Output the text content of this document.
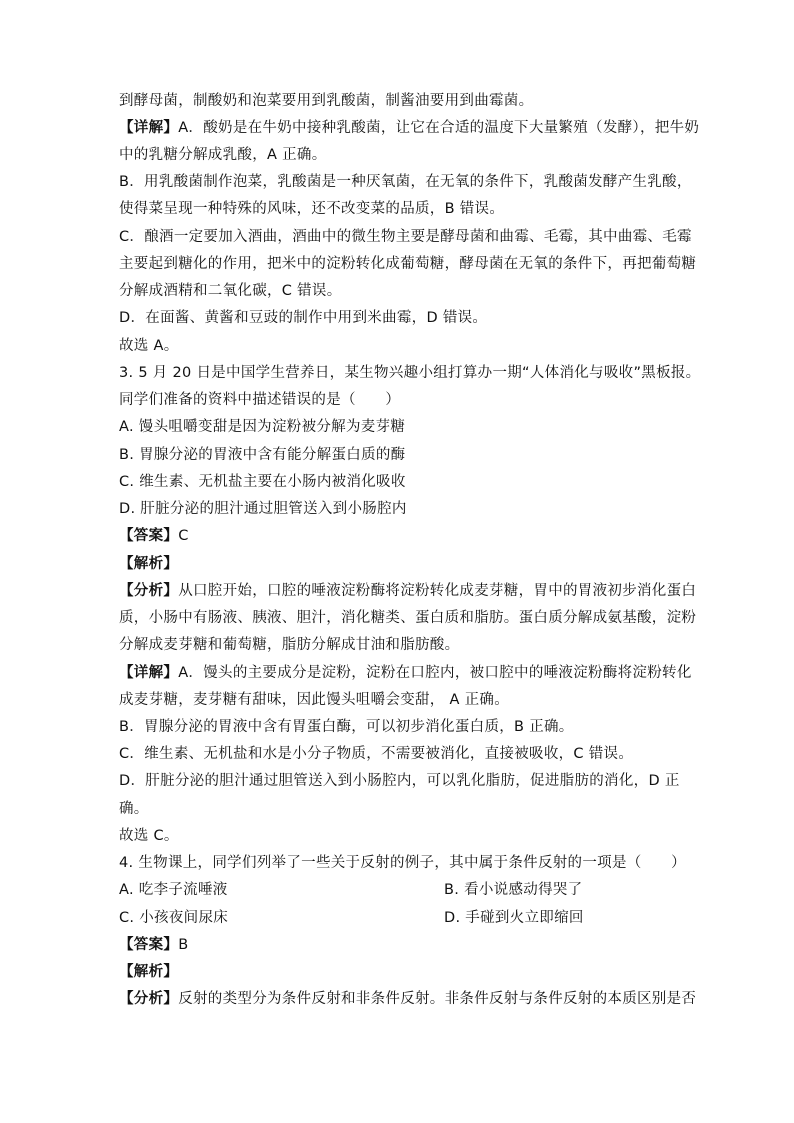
到酵母菌，制酸奶和泡菜要用到乳酸菌，制酱油要用到曲霉菌。
【详解】A．酸奶是在牛奶中接种乳酸菌，让它在合适的温度下大量繁殖（发酵），把牛奶
中的乳糖分解成乳酸，A 正确。
B．用乳酸菌制作泡菜，乳酸菌是一种厌氧菌，在无氧的条件下，乳酸菌发酵产生乳酸，
使得菜呈现一种特殊的风味，还不改变菜的品质，B 错误。
C．酿酒一定要加入酒曲，酒曲中的微生物主要是酵母菌和曲霉、毛霉，其中曲霉、毛霉
主要起到糖化的作用，把米中的淀粉转化成葡萄糖，酵母菌在无氧的条件下，再把葡萄糖
分解成酒精和二氧化碳，C 错误。
D．在面酱、黄酱和豆豉的制作中用到米曲霉，D 错误。
故选 A。
3. 5 月 20 日是中国学生营养日，某生物兴趣小组打算办一期“人体消化与吸收”黑板报。
同学们准备的资料中描述错误的是（　　）
A. 馒头咀嚼变甜是因为淀粉被分解为麦芽糖
B. 胃腺分泌的胃液中含有能分解蛋白质的酶
C. 维生素、无机盐主要在小肠内被消化吸收
D. 肝脏分泌的胆汁通过胆管送入到小肠腔内
【答案】C
【解析】
【分析】从口腔开始，口腔的唾液淀粉酶将淀粉转化成麦芽糖，胃中的胃液初步消化蛋白
质，小肠中有肠液、胰液、胆汁，消化糖类、蛋白质和脂肪。蛋白质分解成氨基酸，淀粉
分解成麦芽糖和葡萄糖，脂肪分解成甘油和脂肪酸。
【详解】A．馒头的主要成分是淀粉，淀粉在口腔内，被口腔中的唾液淀粉酶将淀粉转化
成麦芽糖，麦芽糖有甜味，因此馒头咀嚼会变甜， A 正确。
B．胃腺分泌的胃液中含有胃蛋白酶，可以初步消化蛋白质，B 正确。
C．维生素、无机盐和水是小分子物质，不需要被消化，直接被吸收，C 错误。
D．肝脏分泌的胆汁通过胆管送入到小肠腔内，可以乳化脂肪，促进脂肪的消化，D 正
确。
故选 C。
4. 生物课上，同学们列举了一些关于反射的例子，其中属于条件反射的一项是（　　）
A. 吃李子流唾液	B. 看小说感动得哭了
C. 小孩夜间尿床	D. 手碰到火立即缩回
【答案】B
【解析】
【分析】反射的类型分为条件反射和非条件反射。非条件反射与条件反射的本质区别是否
